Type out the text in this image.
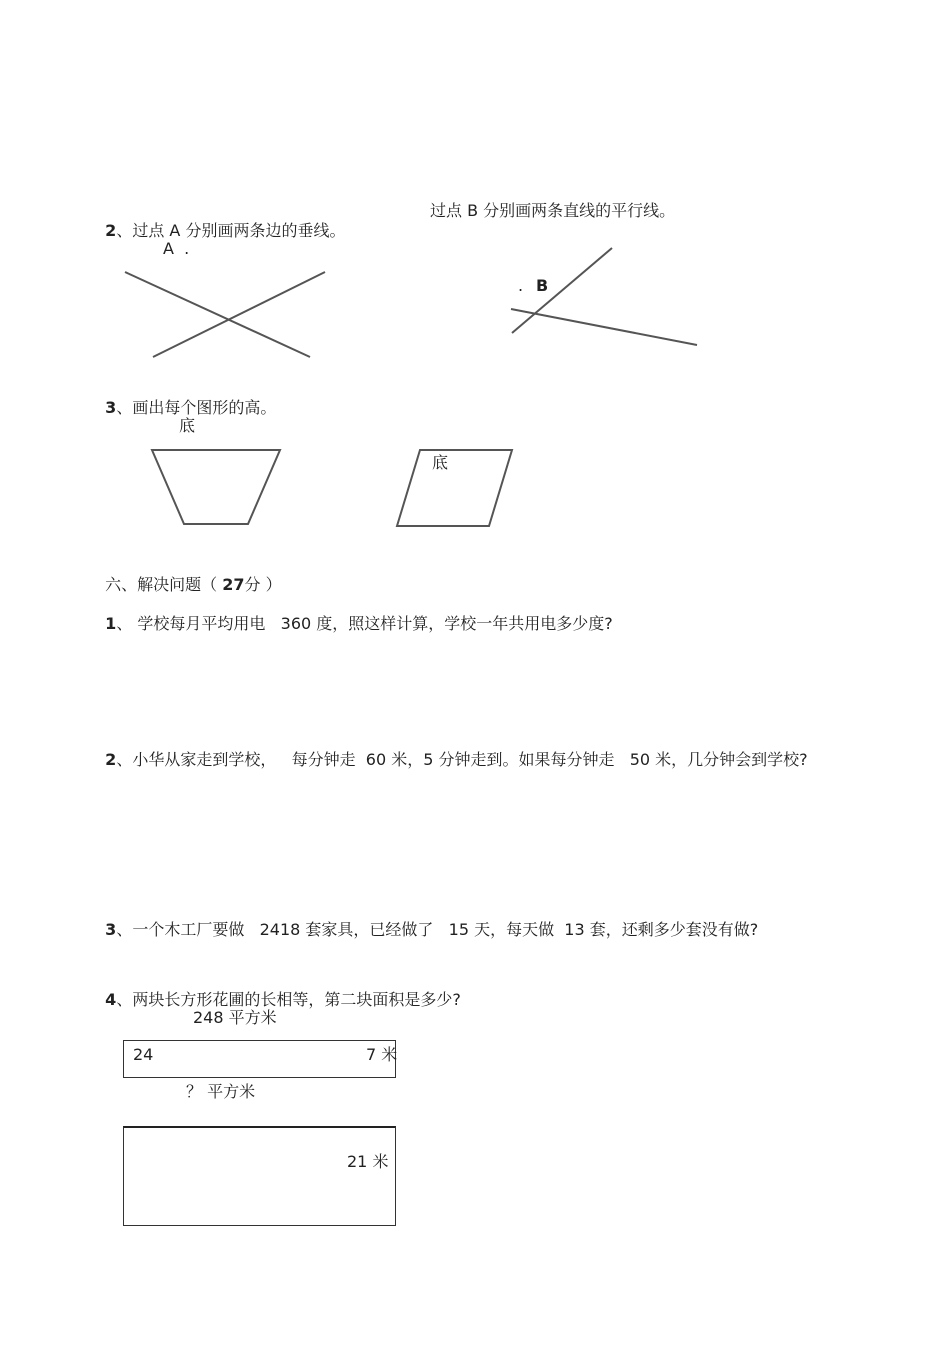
2、过点 A 分别画两条边的垂线。

过点 B 分别画两条直线的平行线。
A  .
. B

3、画出每个图形的高。

底
底

六、解决问题（ 27分 ）

1、 学校每月平均用电   360 度，照这样计算，学校一年共用电多少度?

2、小华从家走到学校，   每分钟走  60 米，5 分钟走到。如果每分钟走   50 米，几分钟会到学校?

3、一个木工厂要做   2418 套家具，已经做了   15 天，每天做  13 套，还剩多少套没有做?

4、两块长方形花圃的长相等，第二块面积是多少?

248 平方米
24	7 米
？ 平方米
21 米
